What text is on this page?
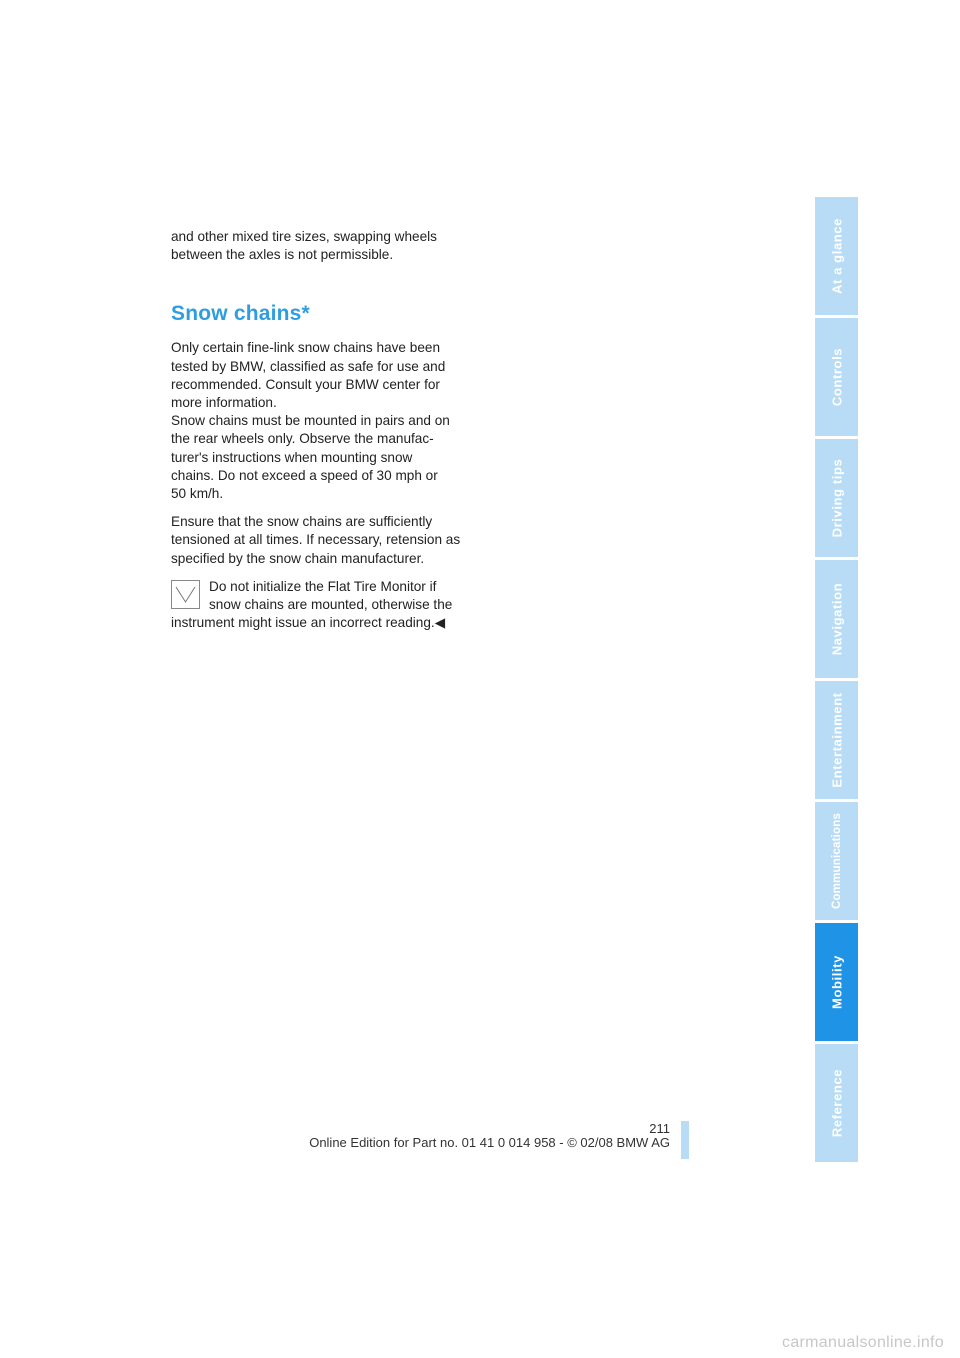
and other mixed tire sizes, swapping wheels
between the axles is not permissible.

Snow chains*

Only certain fine-link snow chains have been
tested by BMW, classified as safe for use and
recommended. Consult your BMW center for
more information.
Snow chains must be mounted in pairs and on
the rear wheels only. Observe the manufac-
turer's instructions when mounting snow
chains. Do not exceed a speed of 30 mph or
50 km/h.

Ensure that the snow chains are sufficiently
tensioned at all times. If necessary, retension as
specified by the snow chain manufacturer.

Do not initialize the Flat Tire Monitor if
snow chains are mounted, otherwise the
instrument might issue an incorrect reading.◀
At a glance
Controls
Driving tips
Navigation
Entertainment
Communications
Mobility
Reference
211
Online Edition for Part no. 01 41 0 014 958 - © 02/08 BMW AG
carmanualsonline.info
